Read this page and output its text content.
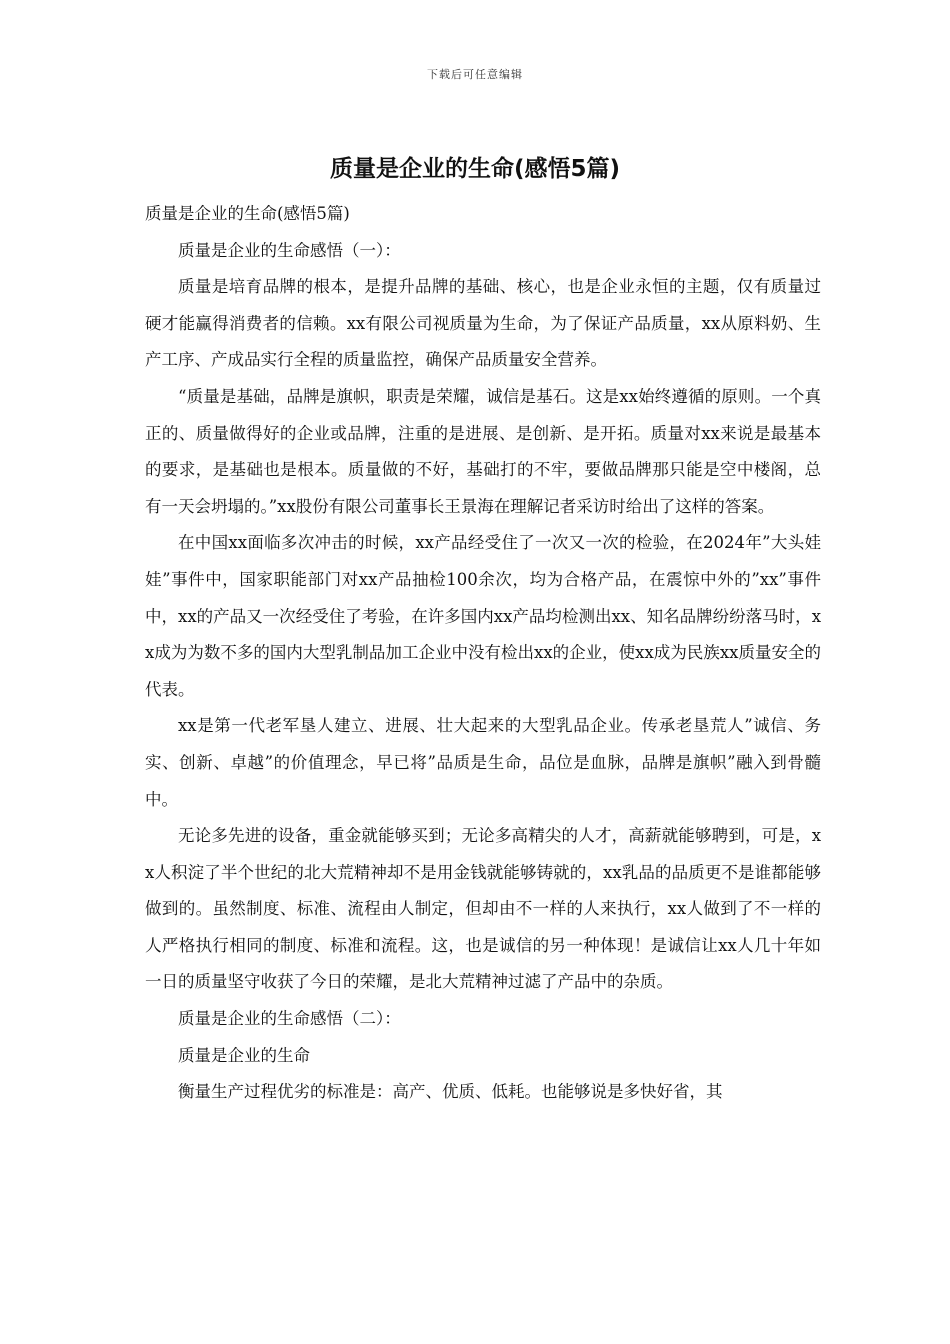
下载后可任意编辑
质量是企业的生命(感悟5篇)

质量是企业的生命(感悟5篇)

质量是企业的生命感悟（一）：

质量是培育品牌的根本，是提升品牌的基础、核心，也是企业永恒的主题，仅有质量过硬才能赢得消费者的信赖。xx有限公司视质量为生命，为了保证产品质量，xx从原料奶、生产工序、产成品实行全程的质量监控，确保产品质量安全营养。

“质量是基础，品牌是旗帜，职责是荣耀，诚信是基石。这是xx始终遵循的原则。一个真正的、质量做得好的企业或品牌，注重的是进展、是创新、是开拓。质量对xx来说是最基本的要求，是基础也是根本。质量做的不好，基础打的不牢，要做品牌那只能是空中楼阁，总有一天会坍塌的。”xx股份有限公司董事长王景海在理解记者采访时给出了这样的答案。

在中国xx面临多次冲击的时候，xx产品经受住了一次又一次的检验，在2024年”大头娃娃”事件中，国家职能部门对xx产品抽检100余次，均为合格产品，在震惊中外的”xx”事件中，xx的产品又一次经受住了考验，在许多国内xx产品均检测出xx、知名品牌纷纷落马时，xx成为为数不多的国内大型乳制品加工企业中没有检出xx的企业，使xx成为民族xx质量安全的代表。

xx是第一代老军垦人建立、进展、壮大起来的大型乳品企业。传承老垦荒人”诚信、务实、创新、卓越”的价值理念，早已将”品质是生命，品位是血脉，品牌是旗帜”融入到骨髓中。

无论多先进的设备，重金就能够买到；无论多高精尖的人才，高薪就能够聘到，可是，xx人积淀了半个世纪的北大荒精神却不是用金钱就能够铸就的，xx乳品的品质更不是谁都能够做到的。虽然制度、标准、流程由人制定，但却由不一样的人来执行，xx人做到了不一样的人严格执行相同的制度、标准和流程。这，也是诚信的另一种体现！是诚信让xx人几十年如一日的质量坚守收获了今日的荣耀，是北大荒精神过滤了产品中的杂质。

质量是企业的生命感悟（二）：

质量是企业的生命

衡量生产过程优劣的标准是：高产、优质、低耗。也能够说是多快好省，其
